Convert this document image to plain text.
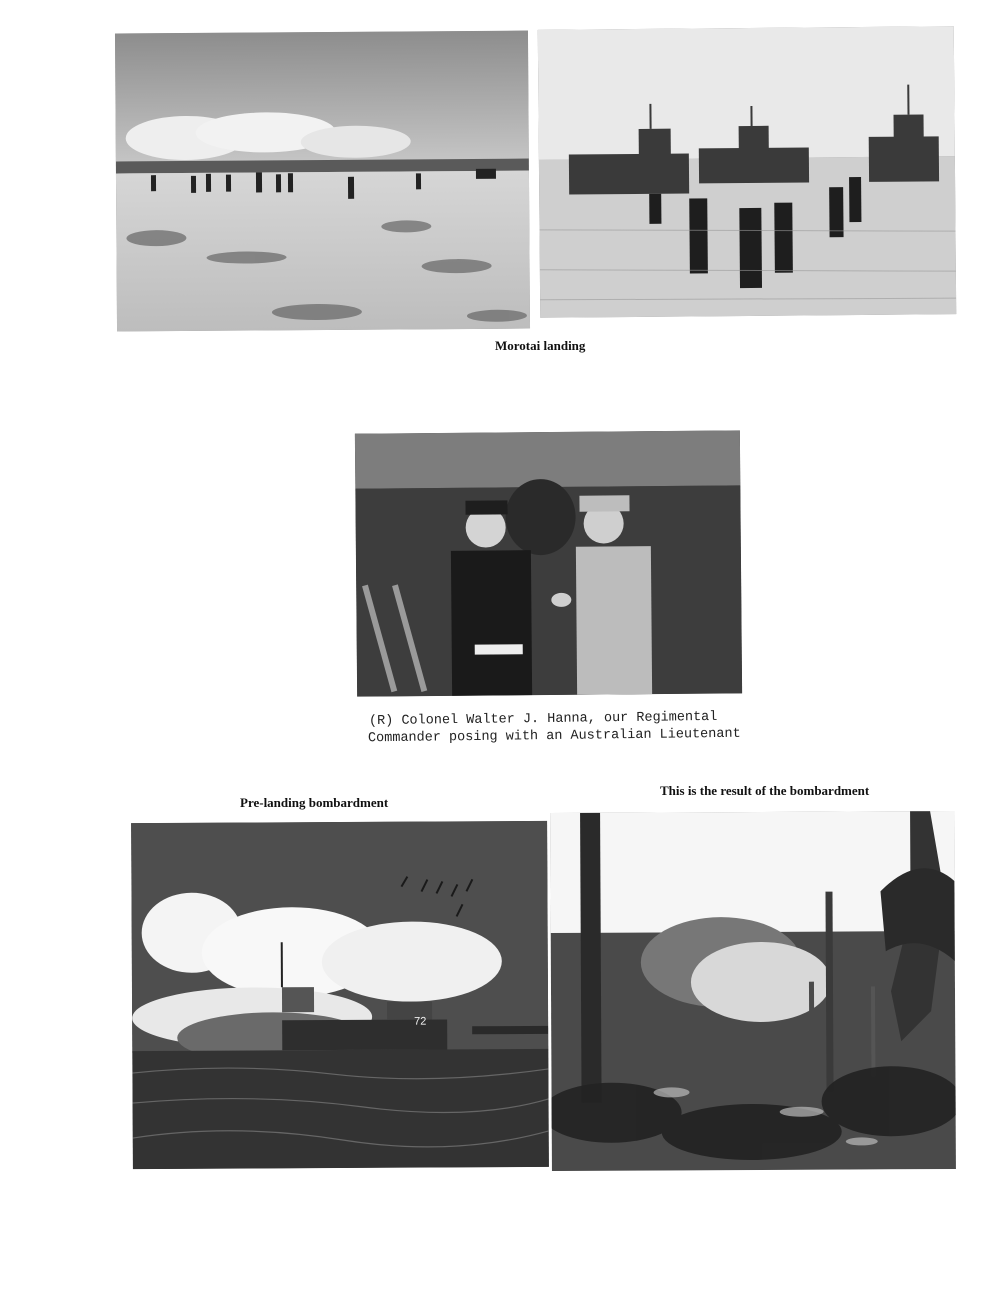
Morotai landing
(R) Colonel Walter J. Hanna, our Regimental
Commander posing with an Australian Lieutenant
Pre-landing bombardment
This is the result of the bombardment
72
